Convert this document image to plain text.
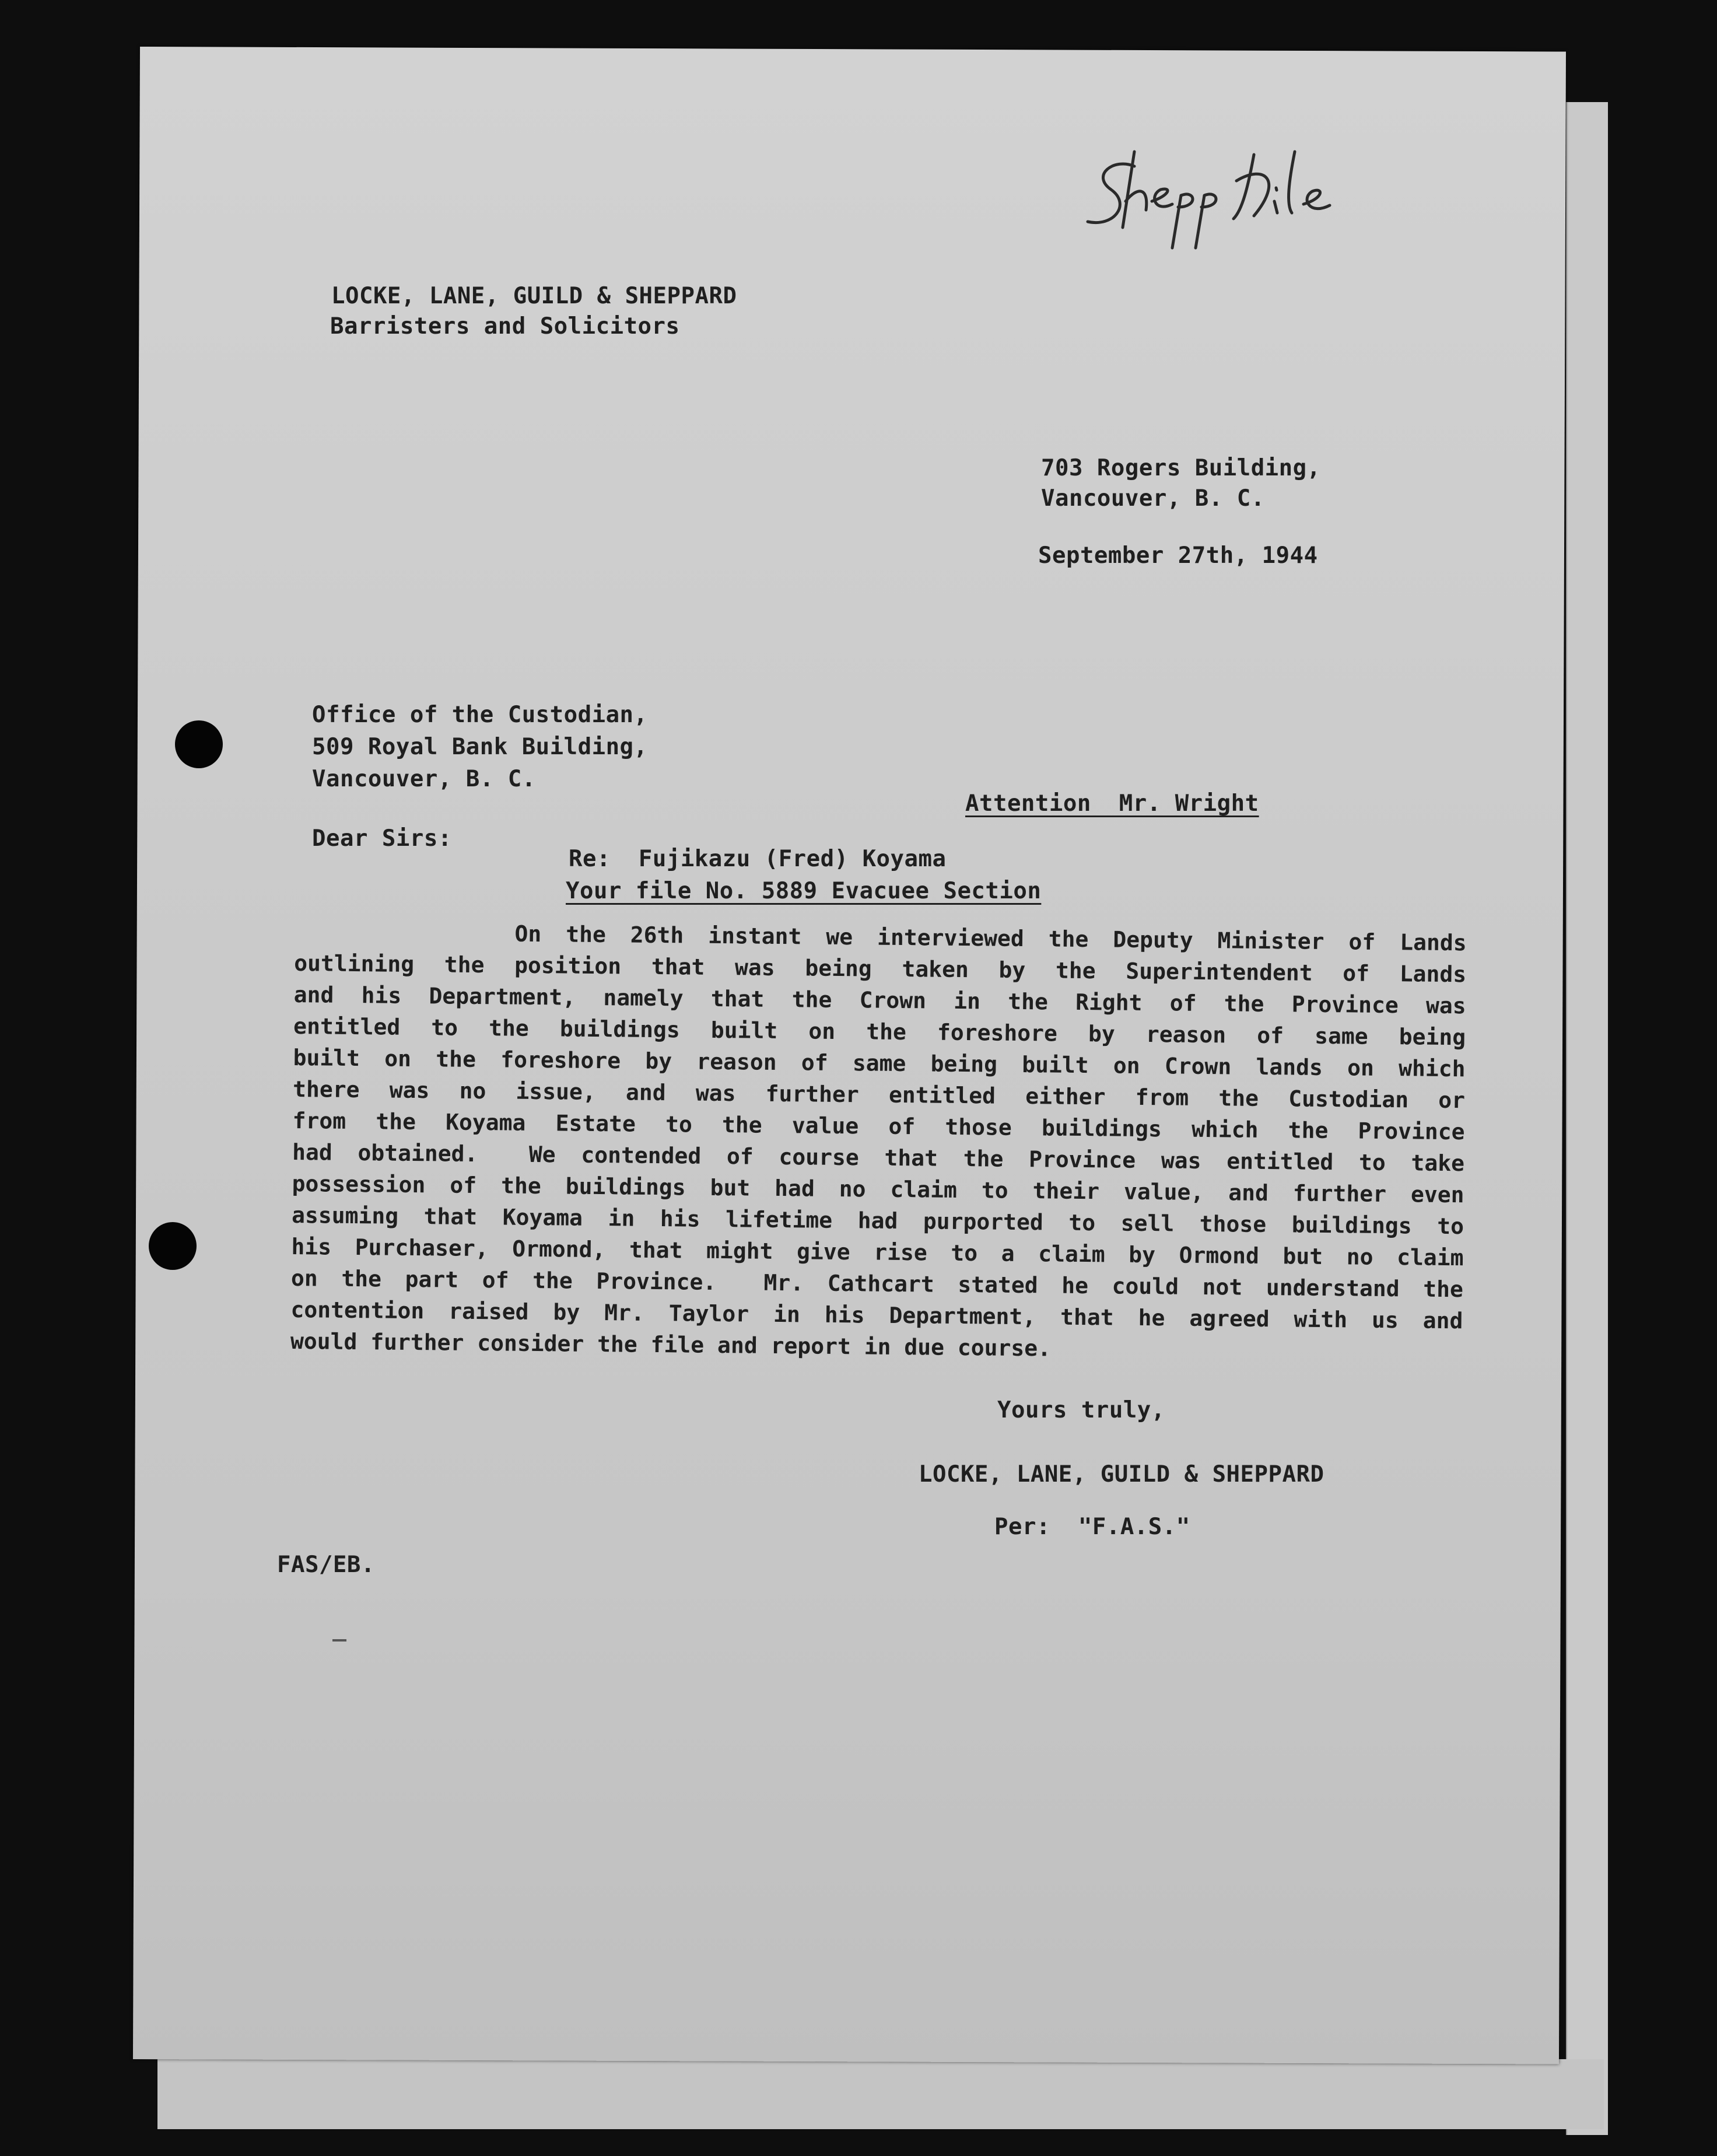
LOCKE, LANE, GUILD & SHEPPARD
Barristers and Solicitors
703 Rogers Building,
Vancouver, B. C.
September 27th, 1944
Office of the Custodian,
509 Royal Bank Building,
Vancouver, B. C.
Attention  Mr. Wright
Dear Sirs:
Re:  Fujikazu (Fred) Koyama
Your file No. 5889 Evacuee Section
On the 26th instant we interviewed the Deputy Minister of Lands
outlining the position that was being taken by the Superintendent of Lands
and his Department, namely that the Crown in the Right of the Province was
entitled to the buildings built on the foreshore by reason of same being
built on the foreshore by reason of same being built on Crown lands on which
there was no issue, and was further entitled either from the Custodian or
from the Koyama Estate to the value of those buildings which the Province
had obtained.  We contended of course that the Province was entitled to take
possession of the buildings but had no claim to their value, and further even
assuming that Koyama in his lifetime had purported to sell those buildings to
his Purchaser, Ormond, that might give rise to a claim by Ormond but no claim
on the part of the Province.  Mr. Cathcart stated he could not understand the
contention raised by Mr. Taylor in his Department, that he agreed with us and
would further consider the file and report in due course.
Yours truly,
LOCKE, LANE, GUILD & SHEPPARD
Per:  "F.A.S."
FAS/EB.
